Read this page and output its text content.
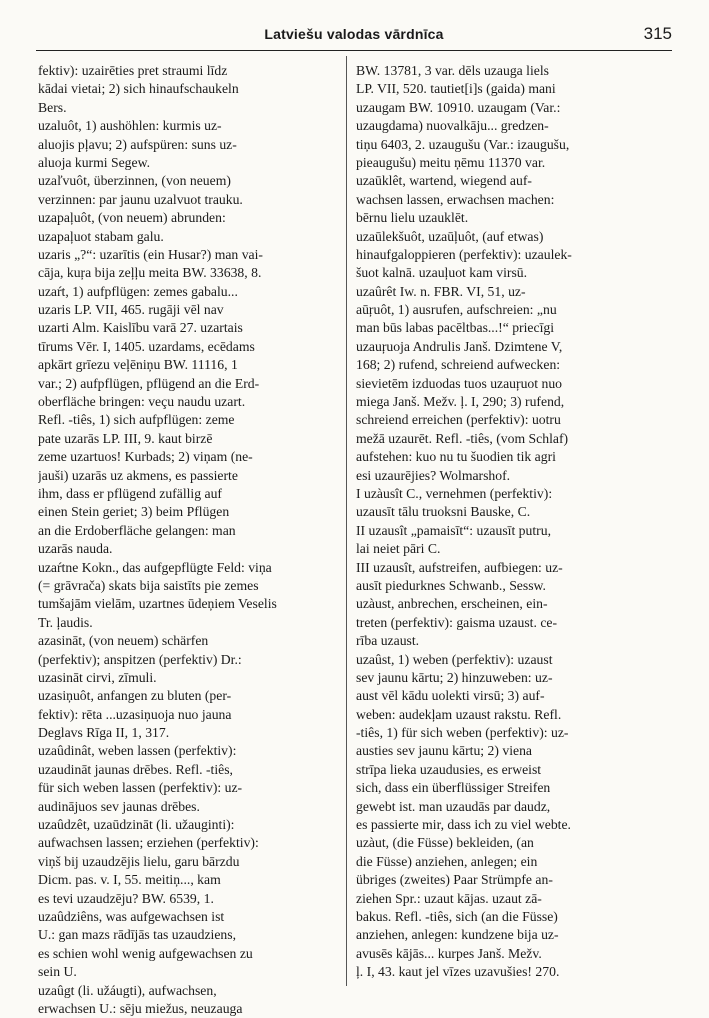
Latviešu valodas vārdnīca	315
fektiv): uzairēties pret straumi līdz
kādai vietai; 2) sich hinaufschaukeln
Bers.
uzaluôt, 1) aushöhlen: kurmis uz-
aluojis pļavu; 2) aufspüren: suns uz-
aluoja kurmi Segew.
uzaľvuôt, überzinnen, (von neuem)
verzinnen: par jaunu uzalvuot trauku.
uzapaļuôt, (von neuem) abrunden:
uzapaļuot stabam galu.
uzaris „?“: uzarītis (ein Husar?) man vai-
cāja, kuŗa bija zeļļu meita BW. 33638, 8.
uzaŕt, 1) aufpflügen: zemes gabalu...
uzaris LP. VII, 465. rugāji vēl nav
uzarti Alm. Kaislību varā 27. uzartais
tīrums Vēr. I, 1405. uzardams, ecēdams
apkārt grīezu veļēniņu BW. 11116, 1
var.; 2) aufpflügen, pflügend an die Erd-
oberfläche bringen: veçu naudu uzart.
Refl. -tiês, 1) sich aufpflügen: zeme
pate uzarās LP. III, 9. kaut birzē
zeme uzartuos! Kurbads; 2) viņam (ne-
jauši) uzarās uz akmens, es passierte
ihm, dass er pflügend zufällig auf
einen Stein geriet; 3) beim Pflügen
an die Erdoberfläche gelangen: man
uzarās nauda.
uzaŕtne Kokn., das aufgepflügte Feld: viņa
(= grāvrača) skats bija saistīts pie zemes
tumšajām vielām, uzartnes ūdeņiem Veselis
Tr. ļaudis.
azasināt, (von neuem) schärfen
(perfektiv); anspitzen (perfektiv) Dr.:
uzasināt cirvi, zīmuli.
uzasiņuôt, anfangen zu bluten (per-
fektiv): rēta ...uzasiņuoja nuo jauna
Deglavs Rīga II, 1, 317.
uzaûdinât, weben lassen (perfektiv):
uzaudināt jaunas drēbes. Refl. -tiês,
für sich weben lassen (perfektiv): uz-
audinājuos sev jaunas drēbes.
uzaûdzêt, uzaūdzināt (li. užauginti):
aufwachsen lassen; erziehen (perfektiv):
viņš bij uzaudzējis lielu, garu bārzdu
Dicm. pas. v. I, 55. meitiņ..., kam
es tevi uzaudzēju? BW. 6539, 1.
uzaûdziêns, was aufgewachsen ist
U.: gan mazs rādījās tas uzaudziens,
es schien wohl wenig aufgewachsen zu
sein U.
uzaûgt (li. užáugti), aufwachsen,
erwachsen U.: sēju miežus, neuzauga
BW. 13781, 3 var. dēls uzauga liels
LP. VII, 520. tautiet[i]s (gaida) mani
uzaugam BW. 10910. uzaugam (Var.:
uzaugdama) nuovalkāju... gredzen-
tiņu 6403, 2. uzaugušu (Var.: izaugušu,
pieaugušu) meitu ņēmu 11370 var.
uzaūklêt, wartend, wiegend auf-
wachsen lassen, erwachsen machen:
bērnu lielu uzauklēt.
uzaūlekšuôt, uzaūļuôt, (auf etwas)
hinaufgaloppieren (perfektiv): uzaulek-
šuot kalnā. uzauļuot kam virsū.
uzaûrêt Iw. n. FBR. VI, 51, uz-
aūŗuôt, 1) ausrufen, aufschreien: „nu
man būs labas pacēltbas...!“ priecīgi
uzauŗuoja Andrulis Janš. Dzimtene V,
168; 2) rufend, schreiend aufwecken:
sievietēm izduodas tuos uzauŗuot nuo
miega Janš. Mežv. ļ. I, 290; 3) rufend,
schreiend erreichen (perfektiv): uotru
mežā uzaurēt. Refl. -tiês, (vom Schlaf)
aufstehen: kuo nu tu šuodien tik agri
esi uzaurējies? Wolmarshof.
I uzàusît C., vernehmen (perfektiv):
uzausīt tālu truoksni Bauske, C.
II uzausît „pamaisīt“: uzausīt putru,
lai neiet pāri C.
III uzausît, aufstreifen, aufbiegen: uz-
ausīt piedurknes Schwanb., Sessw.
uzàust, anbrechen, erscheinen, ein-
treten (perfektiv): gaisma uzaust. ce-
rība uzaust.
uzaûst, 1) weben (perfektiv): uzaust
sev jaunu kārtu; 2) hinzuweben: uz-
aust vēl kādu uolekti virsū; 3) auf-
weben: audekļam uzaust rakstu. Refl.
-tiês, 1) für sich weben (perfektiv): uz-
austies sev jaunu kārtu; 2) viena
strīpa lieka uzaudusies, es erweist
sich, dass ein überflüssiger Streifen
gewebt ist. man uzaudās par daudz,
es passierte mir, dass ich zu viel webte.
uzàut, (die Füsse) bekleiden, (an
die Füsse) anziehen, anlegen; ein
übriges (zweites) Paar Strümpfe an-
ziehen Spr.: uzaut kājas. uzaut zā-
bakus. Refl. -tiês, sich (an die Füsse)
anziehen, anlegen: kundzene bija uz-
avusēs kājās... kurpes Janš. Mežv.
ļ. I, 43. kaut jel vīzes uzavušies! 270.
